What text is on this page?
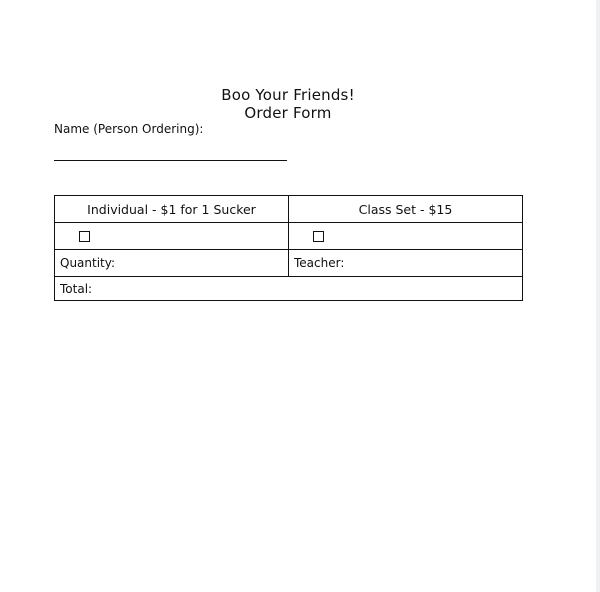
Boo Your Friends!
Order Form
Name (Person Ordering):
Individual - $1 for 1 Sucker	Class Set - $15

Quantity:	Teacher:
Total:	
